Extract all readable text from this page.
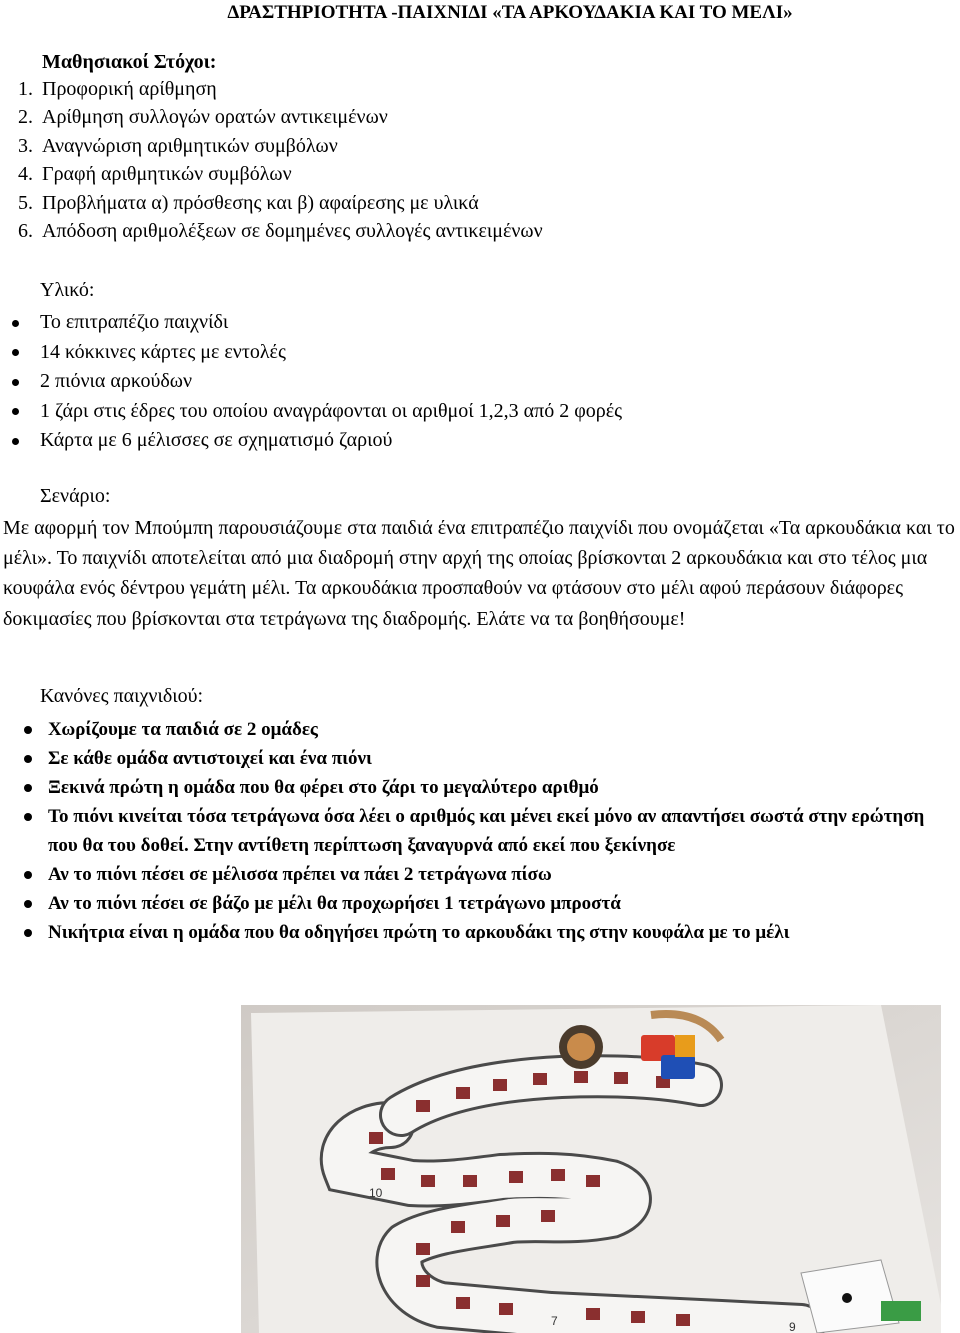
ΔΡΑΣΤΗΡΙΟΤΗΤΑ -ΠΑΙΧΝΙΔΙ «ΤΑ ΑΡΚΟΥΔΑΚΙΑ ΚΑΙ ΤΟ ΜΕΛΙ»
Μαθησιακοί Στόχοι:
1. Προφορική αρίθμηση
2. Αρίθμηση συλλογών ορατών αντικειμένων
3. Αναγνώριση αριθμητικών συμβόλων
4. Γραφή αριθμητικών συμβόλων
5. Προβλήματα α) πρόσθεσης και β) αφαίρεσης με υλικά
6. Απόδοση αριθμολέξεων σε δομημένες συλλογές αντικειμένων
Υλικό:
Το επιτραπέζιο παιχνίδι
14 κόκκινες κάρτες με εντολές
2 πιόνια αρκούδων
1 ζάρι στις έδρες του οποίου αναγράφονται οι αριθμοί 1,2,3 από 2 φορές
Κάρτα με 6 μέλισσες σε σχηματισμό ζαριού
Σενάριο:

Με αφορμή τον Μπούμπη παρουσιάζουμε στα παιδιά ένα επιτραπέζιο παιχνίδι που ονομάζεται «Τα αρκουδάκια και το μέλι». Το παιχνίδι αποτελείται από μια διαδρομή στην αρχή της οποίας βρίσκονται 2 αρκουδάκια και στο τέλος μια κουφάλα ενός δέντρου γεμάτη μέλι. Τα αρκουδάκια προσπαθούν να φτάσουν στο μέλι αφού περάσουν διάφορες δοκιμασίες που βρίσκονται στα τετράγωνα της διαδρομής. Ελάτε να τα βοηθήσουμε!

Κανόνες παιχνιδιού:
Χωρίζουμε τα παιδιά σε 2 ομάδες
Σε κάθε ομάδα αντιστοιχεί και ένα πιόνι
Ξεκινά πρώτη η ομάδα που θα φέρει στο ζάρι το μεγαλύτερο αριθμό
Το πιόνι κινείται τόσα τετράγωνα όσα λέει ο αριθμός και μένει εκεί μόνο αν απαντήσει σωστά στην ερώτηση που θα του δοθεί. Στην αντίθετη περίπτωση ξαναγυρνά από εκεί που ξεκίνησε
Αν το πιόνι πέσει σε μέλισσα πρέπει να πάει 2 τετράγωνα πίσω
Αν το πιόνι πέσει σε βάζο με μέλι θα προχωρήσει 1 τετράγωνο μπροστά
Νικήτρια είναι η ομάδα που θα οδηγήσει πρώτη το αρκουδάκι της στην κουφάλα με το μέλι
10
7	9
